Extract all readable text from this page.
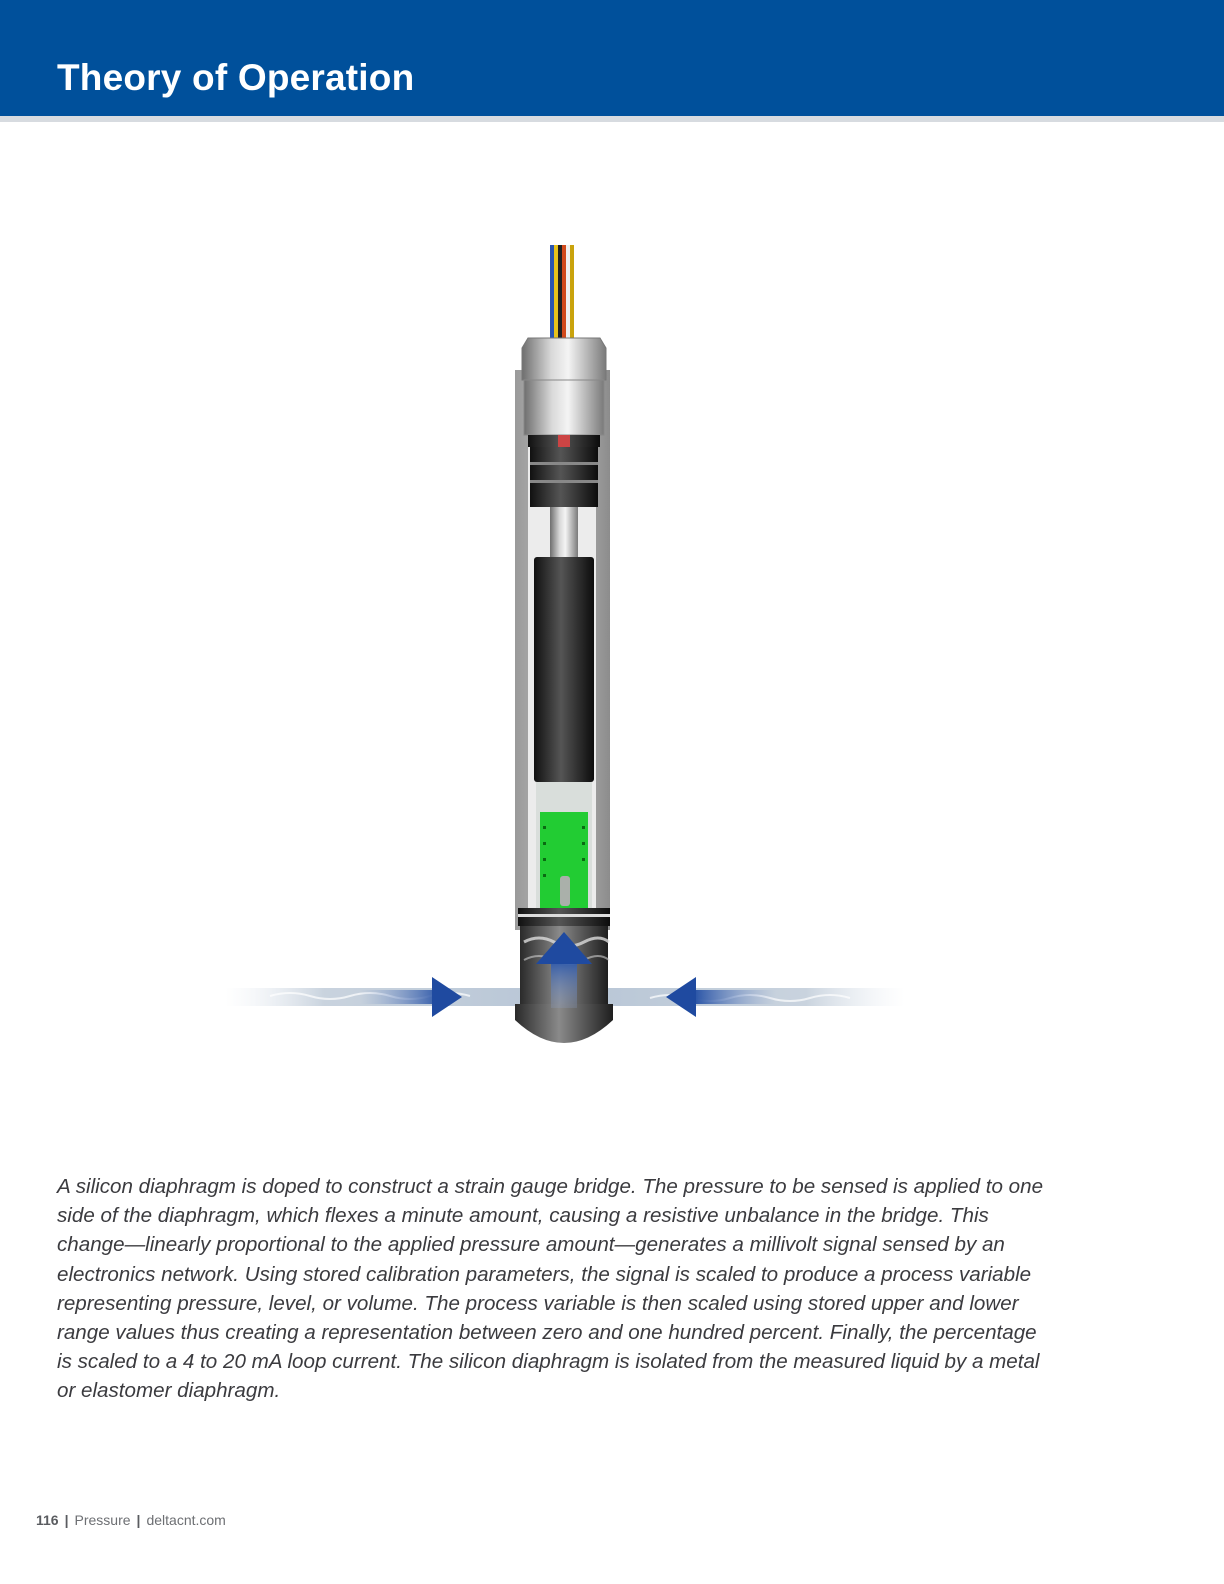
Theory of Operation

A silicon diaphragm is doped to construct a strain gauge bridge. The pressure to be sensed is applied to one side of the diaphragm, which flexes a minute amount, causing a resistive unbalance in the bridge. This change—linearly proportional to the applied pressure amount—generates a millivolt signal sensed by an electronics network. Using stored calibration parameters, the signal is scaled to produce a process variable representing pressure, level, or volume. The process variable is then scaled using stored upper and lower range values thus creating a representation between zero and one hundred percent. Finally, the percentage is scaled to a 4 to 20 mA loop current. The silicon diaphragm is isolated from the measured liquid by a metal or elastomer diaphragm.

116 | Pressure | deltacnt.com
